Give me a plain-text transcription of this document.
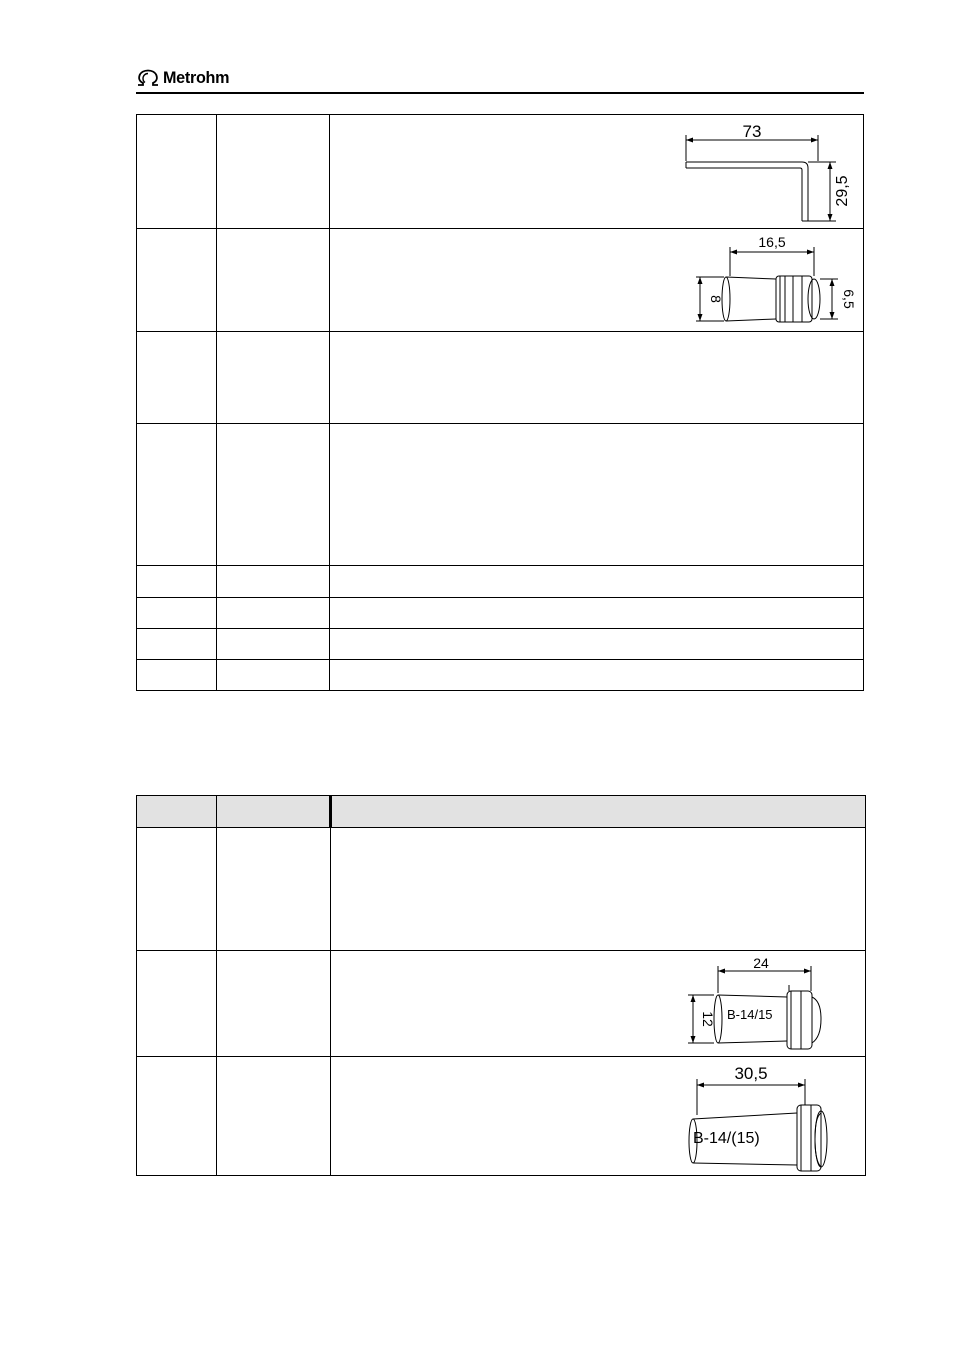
Metrohm

73
29,5

16,5
8 6,5

24
12 B-14/15

30,5
B-14/(15)
